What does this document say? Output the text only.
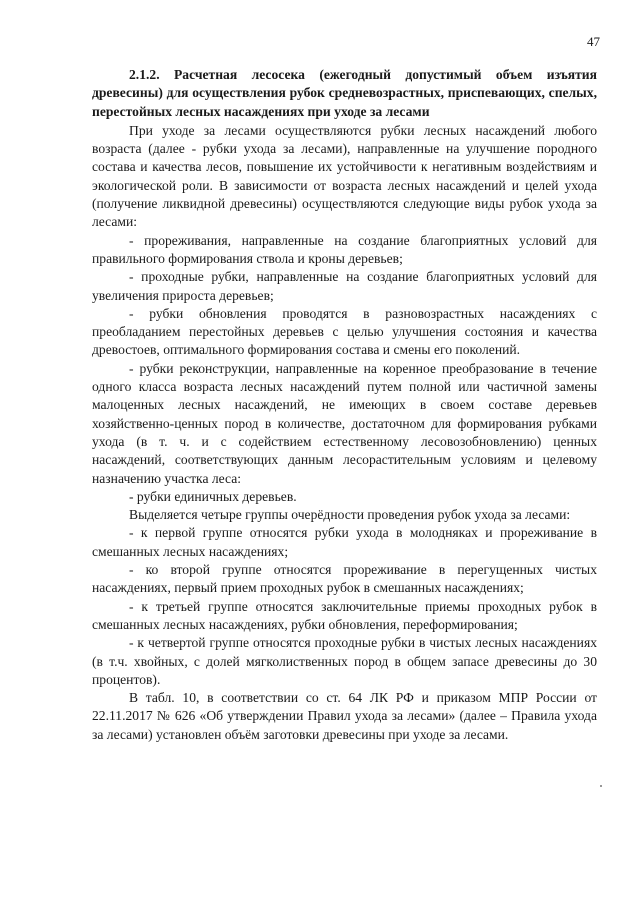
47

2.1.2. Расчетная лесосека (ежегодный допустимый объем изъятия древесины) для осуществления рубок средневозрастных, приспевающих, спелых, перестойных лесных насаждениях при уходе за лесами

При уходе за лесами осуществляются рубки лесных насаждений любого возраста (далее - рубки ухода за лесами), направленные на улучшение породного состава и качества лесов, повышение их устойчивости к негативным воздействиям и экологической роли. В зависимости от возраста лесных насаждений и целей ухода (получение ликвидной древесины) осуществляются следующие виды рубок ухода за лесами:

- прореживания, направленные на создание благоприятных условий для правильного формирования ствола и кроны деревьев;

- проходные рубки, направленные на создание благоприятных условий для увеличения прироста деревьев;

- рубки обновления проводятся в разновозрастных насаждениях с преобладанием перестойных деревьев с целью улучшения состояния и качества древостоев, оптимального формирования состава и смены его поколений.

- рубки реконструкции, направленные на коренное преобразование в течение одного класса возраста лесных насаждений путем полной или частичной замены малоценных лесных насаждений, не имеющих в своем составе деревьев хозяйственно-ценных пород в количестве, достаточном для формирования рубками ухода (в т. ч. и с содействием естественному лесовозобновлению) ценных насаждений, соответствующих данным лесорастительным условиям и целевому назначению участка леса:

- рубки единичных деревьев.

Выделяется четыре группы очерёдности проведения рубок ухода за лесами:

- к первой группе относятся рубки ухода в молодняках и прореживание в смешанных лесных насаждениях;

- ко второй группе относятся прореживание в перегущенных чистых насаждениях, первый прием проходных рубок в смешанных насаждениях;

- к третьей группе относятся заключительные приемы проходных рубок в смешанных лесных насаждениях, рубки обновления, переформирования;

- к четвертой группе относятся проходные рубки в чистых лесных насаждениях (в т.ч. хвойных, с долей мягколиственных пород в общем запасе древесины до 30 процентов).

В табл. 10, в соответствии со ст. 64 ЛК РФ и приказом МПР России от 22.11.2017 № 626 «Об утверждении Правил ухода за лесами» (далее – Правила ухода за лесами) установлен объём заготовки древесины при уходе за лесами.
